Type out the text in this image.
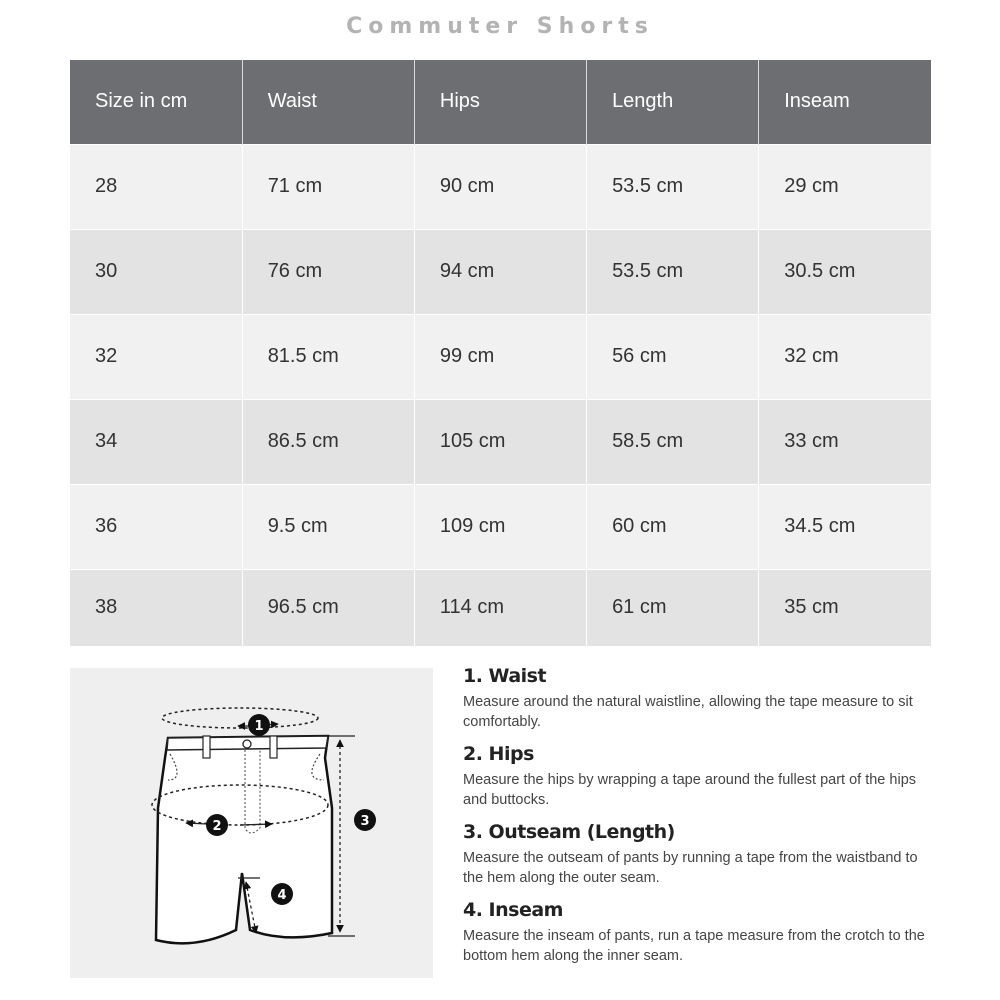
Commuter Shorts
Size in cm	Waist	Hips	Length	Inseam
28	71 cm	90 cm	53.5 cm	29 cm
30	76 cm	94 cm	53.5 cm	30.5 cm
32	81.5 cm	99 cm	56 cm	32 cm
34	86.5 cm	105 cm	58.5 cm	33 cm
36	9.5 cm	109 cm	60 cm	34.5 cm
38	96.5 cm	114 cm	61 cm	35 cm
1
2	3
4

1. Waist

Measure around the natural waistline, allowing the tape measure to sit comfortably.

2. Hips

Measure the hips by wrapping a tape around the fullest part of the hips and buttocks.

3. Outseam (Length)

Measure the outseam of pants by running a tape from the waistband to the hem along the outer seam.

4. Inseam

Measure the inseam of pants, run a tape measure from the crotch to the bottom hem along the inner seam.
